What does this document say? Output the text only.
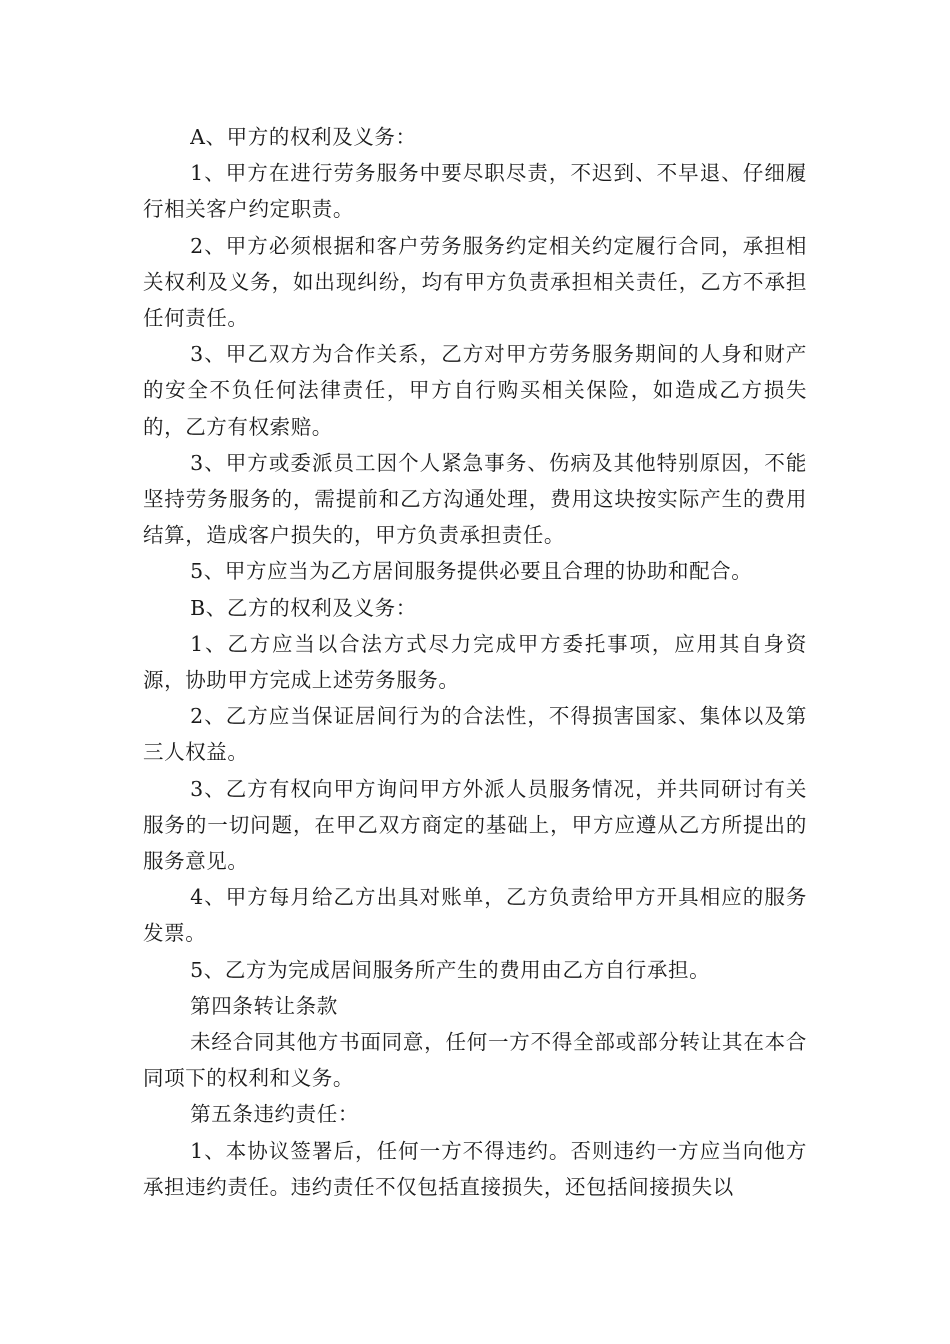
A、甲方的权利及义务：

1、甲方在进行劳务服务中要尽职尽责，不迟到、不早退、仔细履行相关客户约定职责。

2、甲方必须根据和客户劳务服务约定相关约定履行合同，承担相关权利及义务，如出现纠纷，均有甲方负责承担相关责任，乙方不承担任何责任。

3、甲乙双方为合作关系，乙方对甲方劳务服务期间的人身和财产的安全不负任何法律责任，甲方自行购买相关保险，如造成乙方损失的，乙方有权索赔。

3、甲方或委派员工因个人紧急事务、伤病及其他特别原因，不能坚持劳务服务的，需提前和乙方沟通处理，费用这块按实际产生的费用结算，造成客户损失的，甲方负责承担责任。

5、甲方应当为乙方居间服务提供必要且合理的协助和配合。

B、乙方的权利及义务：

1、乙方应当以合法方式尽力完成甲方委托事项，应用其自身资源，协助甲方完成上述劳务服务。

2、乙方应当保证居间行为的合法性，不得损害国家、集体以及第三人权益。

3、乙方有权向甲方询问甲方外派人员服务情况，并共同研讨有关服务的一切问题，在甲乙双方商定的基础上，甲方应遵从乙方所提出的服务意见。

4、甲方每月给乙方出具对账单，乙方负责给甲方开具相应的服务发票。

5、乙方为完成居间服务所产生的费用由乙方自行承担。

第四条转让条款

未经合同其他方书面同意，任何一方不得全部或部分转让其在本合同项下的权利和义务。

第五条违约责任：

1、本协议签署后，任何一方不得违约。否则违约一方应当向他方承担违约责任。违约责任不仅包括直接损失，还包括间接损失以
